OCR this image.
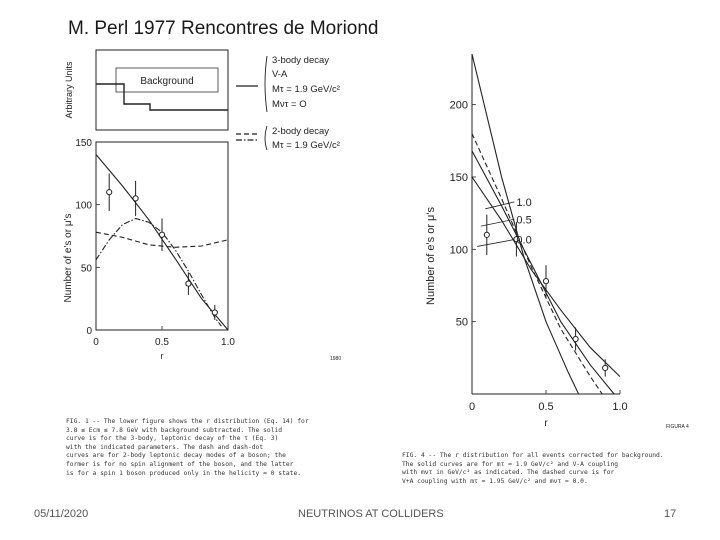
M. Perl 1977 Rencontres de Moriond
Background
Arbitrary Units
3-body decay
V-A
Mτ = 1.9 GeV/c²
Mντ = O
2-body decay
Mτ = 1.9 GeV/c²
0
50
100
150
0	0.5	1.0
Number of e's or μ's
r	1980
50
100
150
200
0	0.5	1.0
1.0
0.5
0.0
r
Number of e's or μ's
FIGURA 4
FIG. 1 -- The lower figure shows the r distribution (Eq. 14) for
3.8 ≤ Ecm ≤ 7.8 GeV with background subtracted. The solid
curve is for the 3-body, leptonic decay of the τ (Eq. 3)
with the indicated parameters. The dash and dash-dot
curves are for 2-body leptonic decay modes of a boson; the
former is for no spin alignment of the boson, and the latter
is for a spin 1 boson produced only in the helicity = 0 state.
FIG. 4 -- The r distribution for all events corrected for background.
The solid curves are for mτ = 1.9 GeV/c² and V-A coupling
with mντ in GeV/c² as indicated. The dashed curve is for
V+A coupling with mτ = 1.95 GeV/c² and mντ = 0.0.
05/11/2020	NEUTRINOS AT COLLIDERS	17
